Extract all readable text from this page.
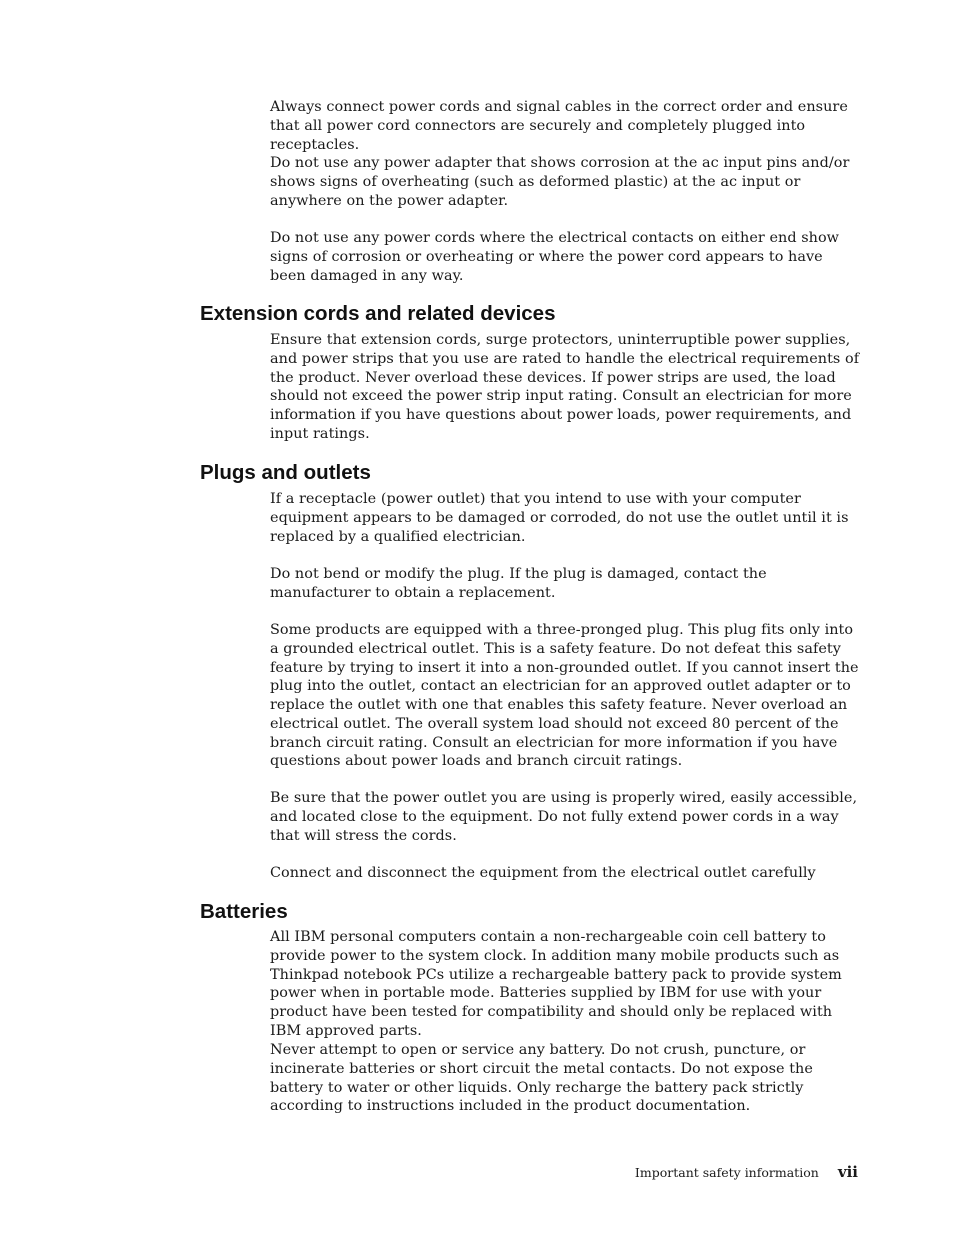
Always connect power cords and signal cables in the correct order and ensure that all power cord connectors are securely and completely plugged into receptacles.

Do not use any power adapter that shows corrosion at the ac input pins and/or shows signs of overheating (such as deformed plastic) at the ac input or anywhere on the power adapter.

Do not use any power cords where the electrical contacts on either end show signs of corrosion or overheating or where the power cord appears to have been damaged in any way.

Extension cords and related devices

Ensure that extension cords, surge protectors, uninterruptible power supplies, and power strips that you use are rated to handle the electrical requirements of the product. Never overload these devices. If power strips are used, the load should not exceed the power strip input rating. Consult an electrician for more information if you have questions about power loads, power requirements, and input ratings.

Plugs and outlets

If a receptacle (power outlet) that you intend to use with your computer equipment appears to be damaged or corroded, do not use the outlet until it is replaced by a qualified electrician.

Do not bend or modify the plug. If the plug is damaged, contact the manufacturer to obtain a replacement.

Some products are equipped with a three-pronged plug. This plug fits only into a grounded electrical outlet. This is a safety feature. Do not defeat this safety feature by trying to insert it into a non-grounded outlet. If you cannot insert the plug into the outlet, contact an electrician for an approved outlet adapter or to replace the outlet with one that enables this safety feature. Never overload an electrical outlet. The overall system load should not exceed 80 percent of the branch circuit rating. Consult an electrician for more information if you have questions about power loads and branch circuit ratings.

Be sure that the power outlet you are using is properly wired, easily accessible, and located close to the equipment. Do not fully extend power cords in a way that will stress the cords.

Connect and disconnect the equipment from the electrical outlet carefully

Batteries

All IBM personal computers contain a non-rechargeable coin cell battery to provide power to the system clock. In addition many mobile products such as Thinkpad notebook PCs utilize a rechargeable battery pack to provide system power when in portable mode. Batteries supplied by IBM for use with your product have been tested for compatibility and should only be replaced with IBM approved parts.

Never attempt to open or service any battery. Do not crush, puncture, or incinerate batteries or short circuit the metal contacts. Do not expose the battery to water or other liquids. Only recharge the battery pack strictly according to instructions included in the product documentation.

Important safety information vii
